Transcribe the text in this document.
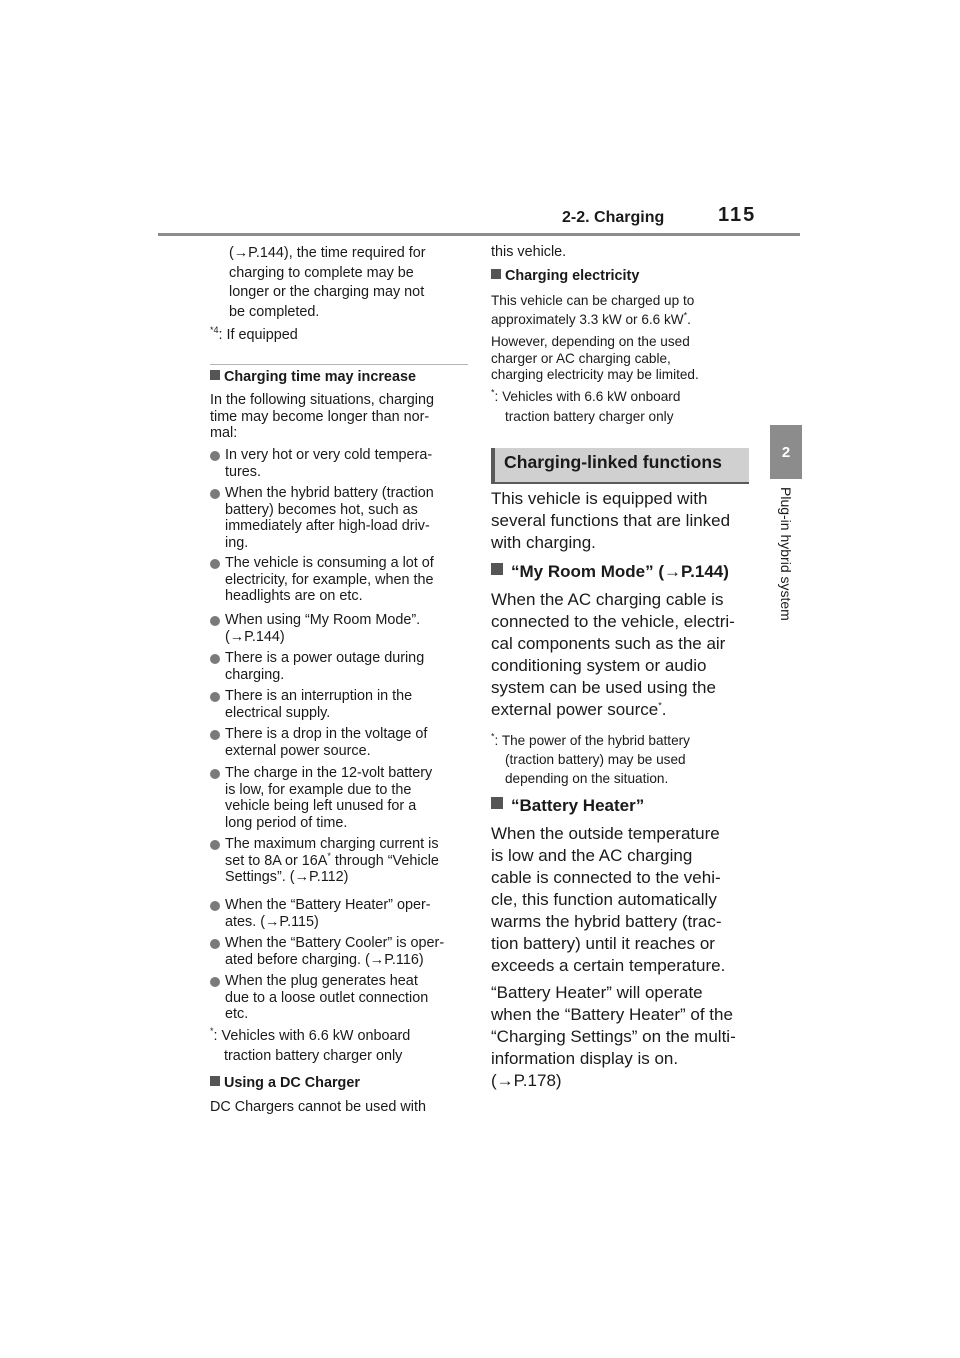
2-2. Charging	115
2
Plug-in hybrid system
(→P.144), the time required for
charging to complete may be
longer or the charging may not
be completed.
$^{*4}$: If equipped
Charging time may increase
In the following situations, charging
time may become longer than nor-
mal:
In very hot or very cold tempera-
tures.
When the hybrid battery (traction
battery) becomes hot, such as
immediately after high-load driv-
ing.
The vehicle is consuming a lot of
electricity, for example, when the
headlights are on etc.
When using “My Room Mode”.
(→P.144)
There is a power outage during
charging.
There is an interruption in the
electrical supply.
There is a drop in the voltage of
external power source.
The charge in the 12-volt battery
is low, for example due to the
vehicle being left unused for a
long period of time.
The maximum charging current is
set to 8A or 16A* through “Vehicle
Settings”. (→P.112)
When the “Battery Heater” oper-
ates. (→P.115)
When the “Battery Cooler” is oper-
ated before charging. (→P.116)
When the plug generates heat
due to a loose outlet connection
etc.
*: Vehicles with 6.6 kW onboard
traction battery charger only
Using a DC Charger
DC Chargers cannot be used with
this vehicle.
Charging electricity
This vehicle can be charged up to
approximately 3.3 kW or 6.6 kW*.
However, depending on the used
charger or AC charging cable,
charging electricity may be limited.
*: Vehicles with 6.6 kW onboard
traction battery charger only
Charging-linked functions
This vehicle is equipped with
several functions that are linked
with charging.
“My Room Mode” (→P.144)
When the AC charging cable is
connected to the vehicle, electri-
cal components such as the air
conditioning system or audio
system can be used using the
external power source*.
*: The power of the hybrid battery
(traction battery) may be used
depending on the situation.
“Battery Heater”
When the outside temperature
is low and the AC charging
cable is connected to the vehi-
cle, this function automatically
warms the hybrid battery (trac-
tion battery) until it reaches or
exceeds a certain temperature.
“Battery Heater” will operate
when the “Battery Heater” of the
“Charging Settings” on the multi-
information display is on.
(→P.178)
